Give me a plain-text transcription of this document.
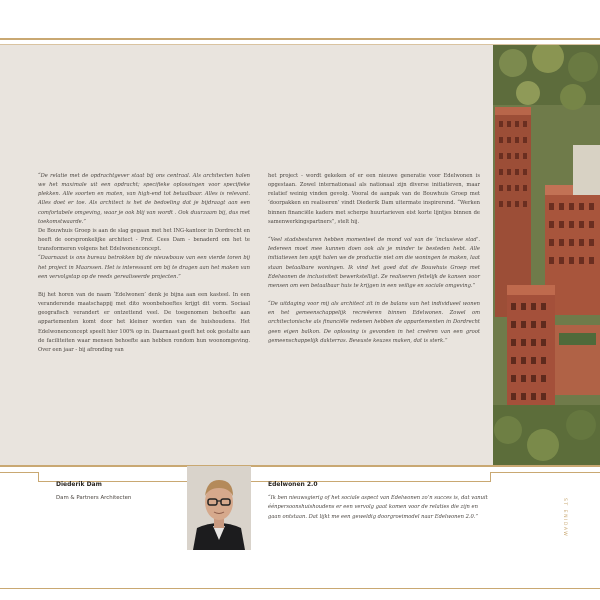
“De relatie met de opdrachtgever staat bij ons centraal. Als architecten halen we het maximale uit een opdracht; specifieke oplossingen voor specifieke plekken. Alle soorten en maten, van high-end tot betaalbaar. Alles is relevant. Alles doet er toe. Als architect is het de bedoeling dat je bijdraagt aan een comfortabele omgeving, waar je ook blij van wordt . Ook duurzaam bij, dus met toekomstwaarde.”

De Bouwhuis Groep is aan de slag gegaan met het ING-kantoor in Dordrecht en heeft de oorspronkelijke architect - Prof. Cees Dam - benaderd om het te transformeren volgens het Edelwonenconcept.

“Daarnaast is ons bureau betrokken bij de nieuwbouw van een vierde toren bij het project in Maarssen. Het is interessant om bij te dragen aan het maken van een vervolgstap op de reeds gerealiseerde projecten.”

Bij het horen van de naam ‘Edelwonen’ denk je bijna aan een kasteel. In een veranderende maatschappij met dito woonbehoeftes krijgt dit vorm. Sociaal geografisch verandert er ontzettend veel. De toegenomen behoefte aan appartementen komt door het kleiner worden van de huishoudens. Het Edelwonenconcept speelt hier 100% op in. Daarnaast geeft het ook gestalte aan de faciliteiten waar mensen behoefte aan hebben rondom hun woonomgeving. Over een jaar - bij afronding van

het project - wordt gekeken of er een nieuwe generatie voor Edelwonen is opgestaan. Zowel internationaal als nationaal zijn diverse initiatieven, maar relatief weinig vinden gevolg. Vooral de aanpak van de Bouwhuis Groep met ‘doorpakken en realiseren’ vindt Diederik Dam uitermate inspirerend. “Werken binnen financiële kaders met scherpe huurtarieven eist korte lijntjes binnen de samenwerkingspartners”, stelt hij.

“Veel stadsbesturen hebben momenteel de mond vol van de ‘inclusieve stad’. Iedereen moet mee kunnen doen ook als je minder te besteden hebt. Alle initiatieven ten spijt halen we de productie niet om die woningen te maken, laat staan betaalbare woningen. Ik vind het goed dat de Bouwhuis Groep met Edelwonen de inclusiviteit bewerkstelligt. Ze realiseren feitelijk de kansen voor mensen om een betaalbaar huis te krijgen in een veilige en sociale omgeving.”

“De uitdaging voor mij als architect zit in de balans van het individueel wonen en het gemeenschappelijk recreëeren binnen Edelwonen. Zowel om architectonische als financiële redenen hebben de appartementen in Dordrecht geen eigen balkon. De oplossing is gevonden in het creëren van een groot gemeenschappelijk dakterras. Bewuste keuzes maken, dat is sterk.”

Diederik Dam
Dam & Partners Architecten
Edelwonen 2.0
“Ik ben nieuwsgierig of het sociale aspect van Edelwonen zo’n succes is, dat vanuit éénpersoonshuishoudens er een vervolg gaat komen voor de relaties die zijn en gaan ontstaan. Dat lijkt me een geweldig doorgroeimodel naar Edelwonen 2.0.”	ST ENIDAW
